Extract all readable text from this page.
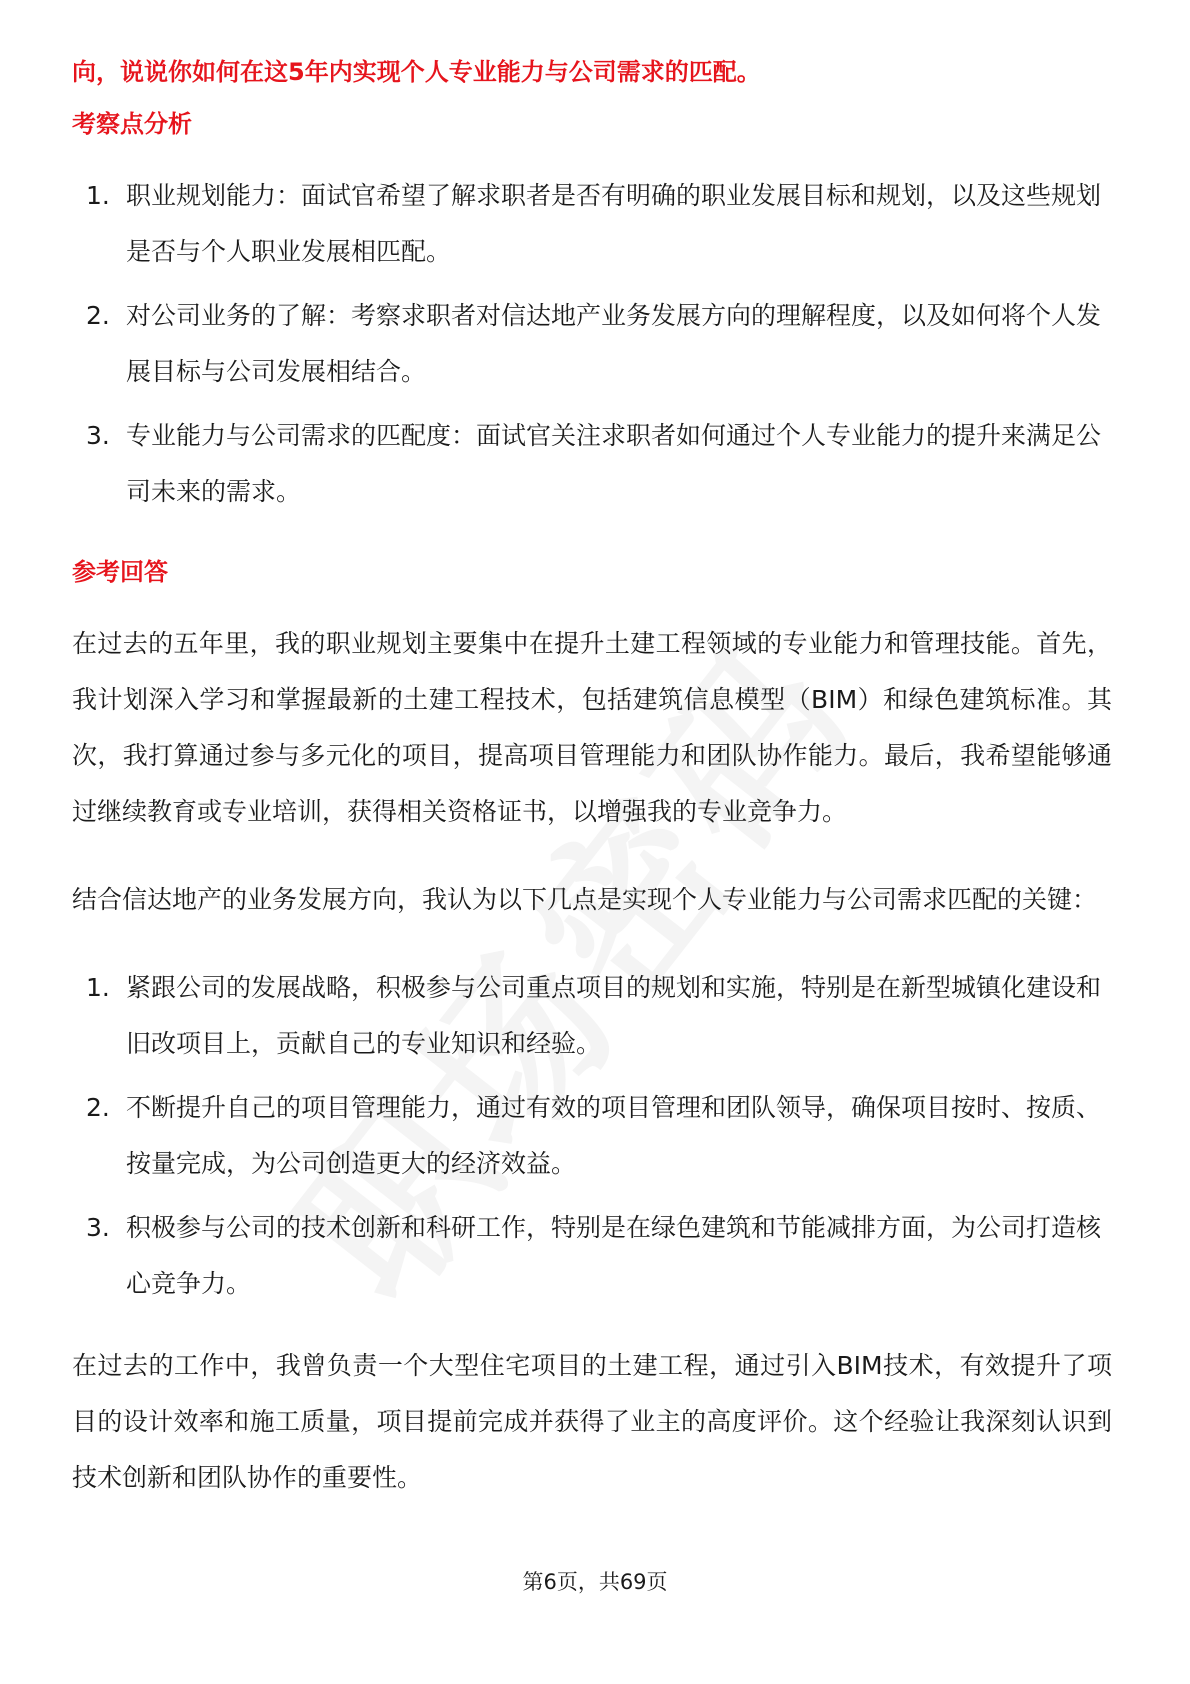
向，说说你如何在这5年内实现个人专业能力与公司需求的匹配。

考察点分析
1. 职业规划能力：面试官希望了解求职者是否有明确的职业发展目标和规划，以及这些规划是否与个人职业发展相匹配。
2. 对公司业务的了解：考察求职者对信达地产业务发展方向的理解程度，以及如何将个人发展目标与公司发展相结合。
3. 专业能力与公司需求的匹配度：面试官关注求职者如何通过个人专业能力的提升来满足公司未来的需求。
参考回答

在过去的五年里，我的职业规划主要集中在提升土建工程领域的专业能力和管理技能。首先，我计划深入学习和掌握最新的土建工程技术，包括建筑信息模型（BIM）和绿色建筑标准。其次，我打算通过参与多元化的项目，提高项目管理能力和团队协作能力。最后，我希望能够通过继续教育或专业培训，获得相关资格证书，以增强我的专业竞争力。

结合信达地产的业务发展方向，我认为以下几点是实现个人专业能力与公司需求匹配的关键：

1. 紧跟公司的发展战略，积极参与公司重点项目的规划和实施，特别是在新型城镇化建设和旧改项目上，贡献自己的专业知识和经验。
2. 不断提升自己的项目管理能力，通过有效的项目管理和团队领导，确保项目按时、按质、按量完成，为公司创造更大的经济效益。
3. 积极参与公司的技术创新和科研工作，特别是在绿色建筑和节能减排方面，为公司打造核心竞争力。

在过去的工作中，我曾负责一个大型住宅项目的土建工程，通过引入BIM技术，有效提升了项目的设计效率和施工质量，项目提前完成并获得了业主的高度评价。这个经验让我深刻认识到技术创新和团队协作的重要性。

第6页，共69页
